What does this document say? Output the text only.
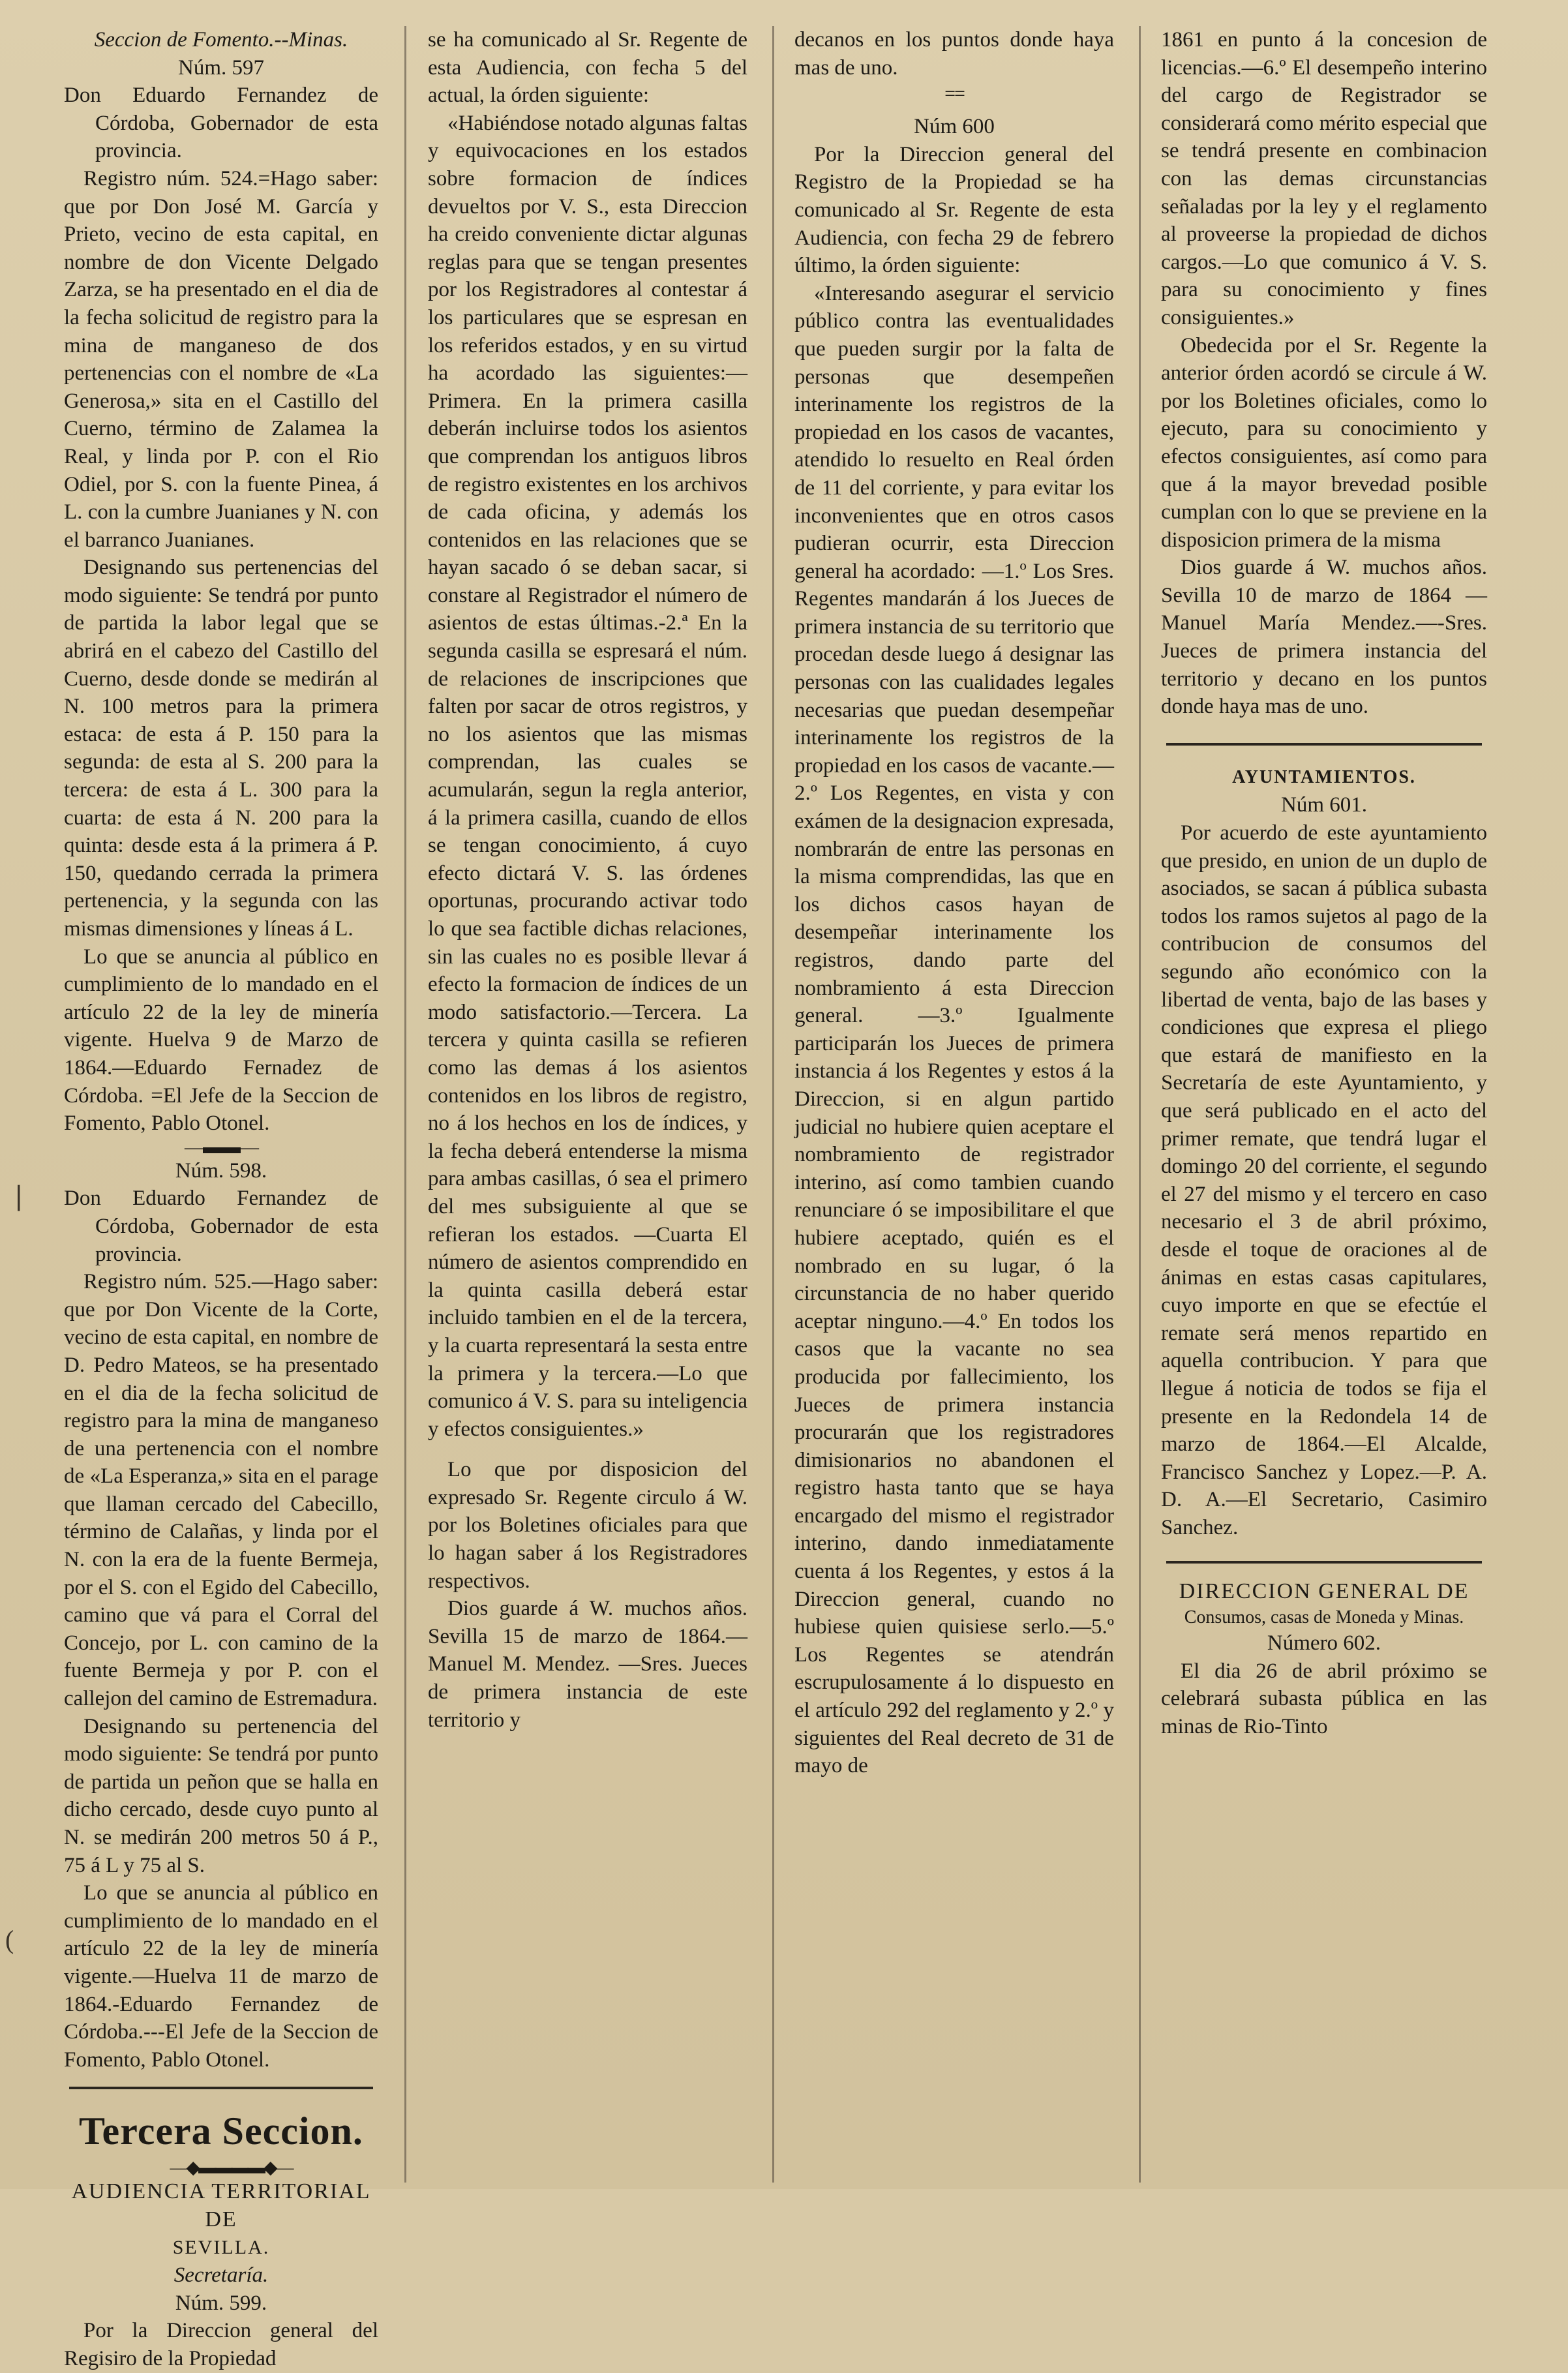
❘
(

Seccion de Fomento.--Minas.

Núm. 597

Don Eduardo Fernandez de Córdoba, Gobernador de esta provincia.

Registro núm. 524.=Hago saber: que por Don José M. García y Prieto, vecino de esta capital, en nombre de don Vicente Delgado Zarza, se ha presentado en el dia de la fecha solicitud de registro para la mina de manganeso de dos pertenencias con el nombre de «La Generosa,» sita en el Castillo del Cuerno, término de Zalamea la Real, y linda por P. con el Rio Odiel, por S. con la fuente Pinea, á L. con la cumbre Juanianes y N. con el barranco Juanianes.

Designando sus pertenencias del modo siguiente: Se tendrá por punto de partida la labor legal que se abrirá en el cabezo del Castillo del Cuerno, desde donde se medirán al N. 100 metros para la primera estaca: de esta á P. 150 para la segunda: de esta al S. 200 para la tercera: de esta á L. 300 para la cuarta: de esta á N. 200 para la quinta: desde esta á la primera á P. 150, quedando cerrada la primera pertenencia, y la segunda con las mismas dimensiones y líneas á L.

Lo que se anuncia al público en cumplimiento de lo mandado en el artículo 22 de la ley de minería vigente. Huelva 9 de Marzo de 1864.—Eduardo Fernadez de Córdoba. =El Jefe de la Seccion de Fomento, Pablo Otonel.

—▬▬—

Núm. 598.

Don Eduardo Fernandez de Córdoba, Gobernador de esta provincia.

Registro núm. 525.—Hago saber: que por Don Vicente de la Corte, vecino de esta capital, en nombre de D. Pedro Mateos, se ha presentado en el dia de la fecha solicitud de registro para la mina de manganeso de una pertenencia con el nombre de «La Esperanza,» sita en el parage que llaman cercado del Cabecillo, término de Calañas, y linda por el N. con la era de la fuente Bermeja, por el S. con el Egido del Cabecillo, camino que vá para el Corral del Concejo, por L. con camino de la fuente Bermeja y por P. con el callejon del camino de Estremadura.

Designando su pertenencia del modo siguiente: Se tendrá por punto de partida un peñon que se halla en dicho cercado, desde cuyo punto al N. se medirán 200 metros 50 á P., 75 á L y 75 al S.

Lo que se anuncia al público en cumplimiento de lo mandado en el artículo 22 de la ley de minería vigente.—Huelva 11 de marzo de 1864.-Eduardo Fernandez de Córdoba.---El Jefe de la Seccion de Fomento, Pablo Otonel.

Tercera Seccion.

—◆▬▬▬▬◆—

AUDIENCIA TERRITORIAL DE

SEVILLA.

Secretaría.

Núm. 599.

Por la Direccion general del Regisiro de la Propiedad

se ha comunicado al Sr. Regente de esta Audiencia, con fecha 5 del actual, la órden siguiente:

«Habiéndose notado algunas faltas y equivocaciones en los estados sobre formacion de índices devueltos por V. S., esta Direccion ha creido conveniente dictar algunas reglas para que se tengan presentes por los Registradores al contestar á los particulares que se espresan en los referidos estados, y en su virtud ha acordado las siguientes:—Primera. En la primera casilla deberán incluirse todos los asientos que comprendan los antiguos libros de registro existentes en los archivos de cada oficina, y además los contenidos en las relaciones que se hayan sacado ó se deban sacar, si constare al Registrador el número de asientos de estas últimas.-2.ª En la segunda casilla se espresará el núm. de relaciones de inscripciones que falten por sacar de otros registros, y no los asientos que las mismas comprendan, las cuales se acumularán, segun la regla anterior, á la primera casilla, cuando de ellos se tengan conocimiento, á cuyo efecto dictará V. S. las órdenes oportunas, procurando activar todo lo que sea factible dichas relaciones, sin las cuales no es posible llevar á efecto la formacion de índices de un modo satisfactorio.—Tercera. La tercera y quinta casilla se refieren como las demas á los asientos contenidos en los libros de registro, no á los hechos en los de índices, y la fecha deberá entenderse la misma para ambas casillas, ó sea el primero del mes subsiguiente al que se refieran los estados. —Cuarta El número de asientos comprendido en la quinta casilla deberá estar incluido tambien en el de la tercera, y la cuarta representará la sesta entre la primera y la tercera.—Lo que comunico á V. S. para su inteligencia y efectos consiguientes.»

Lo que por disposicion del expresado Sr. Regente circulo á W. por los Boletines oficiales para que lo hagan saber á los Registradores respectivos.

Dios guarde á W. muchos años. Sevilla 15 de marzo de 1864.—Manuel M. Mendez. —Sres. Jueces de primera instancia de este territorio y

decanos en los puntos donde haya mas de uno.

==

Núm 600

Por la Direccion general del Registro de la Propiedad se ha comunicado al Sr. Regente de esta Audiencia, con fecha 29 de febrero último, la órden siguiente:

«Interesando asegurar el servicio público contra las eventualidades que pueden surgir por la falta de personas que desempeñen interinamente los registros de la propiedad en los casos de vacantes, atendido lo resuelto en Real órden de 11 del corriente, y para evitar los inconvenientes que en otros casos pudieran ocurrir, esta Direccion general ha acordado: —1.º Los Sres. Regentes mandarán á los Jueces de primera instancia de su territorio que procedan desde luego á designar las personas con las cualidades legales necesarias que puedan desempeñar interinamente los registros de la propiedad en los casos de vacante.—2.º Los Regentes, en vista y con exámen de la designacion expresada, nombrarán de entre las personas en la misma comprendidas, las que en los dichos casos hayan de desempeñar interinamente los registros, dando parte del nombramiento á esta Direccion general. —3.º Igualmente participarán los Jueces de primera instancia á los Regentes y estos á la Direccion, si en algun partido judicial no hubiere quien aceptare el nombramiento de registrador interino, así como tambien cuando renunciare ó se imposibilitare el que hubiere aceptado, quién es el nombrado en su lugar, ó la circunstancia de no haber querido aceptar ninguno.—4.º En todos los casos que la vacante no sea producida por fallecimiento, los Jueces de primera instancia procurarán que los registradores dimisionarios no abandonen el registro hasta tanto que se haya encargado del mismo el registrador interino, dando inmediatamente cuenta á los Regentes, y estos á la Direccion general, cuando no hubiese quien quisiese serlo.—5.º Los Regentes se atendrán escrupulosamente á lo dispuesto en el artículo 292 del reglamento y 2.º y siguientes del Real decreto de 31 de mayo de

1861 en punto á la concesion de licencias.—6.º El desempeño interino del cargo de Registrador se considerará como mérito especial que se tendrá presente en combinacion con las demas circunstancias señaladas por la ley y el reglamento al proveerse la propiedad de dichos cargos.—Lo que comunico á V. S. para su conocimiento y fines consiguientes.»

Obedecida por el Sr. Regente la anterior órden acordó se circule á W. por los Boletines oficiales, como lo ejecuto, para su conocimiento y efectos consiguientes, así como para que á la mayor brevedad posible cumplan con lo que se previene en la disposicion primera de la misma

Dios guarde á W. muchos años. Sevilla 10 de marzo de 1864 —Manuel María Mendez.—-Sres. Jueces de primera instancia del territorio y decano en los puntos donde haya mas de uno.

AYUNTAMIENTOS.

Núm 601.

Por acuerdo de este ayuntamiento que presido, en union de un duplo de asociados, se sacan á pública subasta todos los ramos sujetos al pago de la contribucion de consumos del segundo año económico con la libertad de venta, bajo de las bases y condiciones que expresa el pliego que estará de manifiesto en la Secretaría de este Ayuntamiento, y que será publicado en el acto del primer remate, que tendrá lugar el domingo 20 del corriente, el segundo el 27 del mismo y el tercero en caso necesario el 3 de abril próximo, desde el toque de oraciones al de ánimas en estas casas capitulares, cuyo importe en que se efectúe el remate será menos repartido en aquella contribucion. Y para que llegue á noticia de todos se fija el presente en la Redondela 14 de marzo de 1864.—El Alcalde, Francisco Sanchez y Lopez.—P. A. D. A.—El Secretario, Casimiro Sanchez.

DIRECCION GENERAL DE

Consumos, casas de Moneda y Minas.

Número 602.

El dia 26 de abril próximo se celebrará subasta pública en las minas de Rio-Tinto
